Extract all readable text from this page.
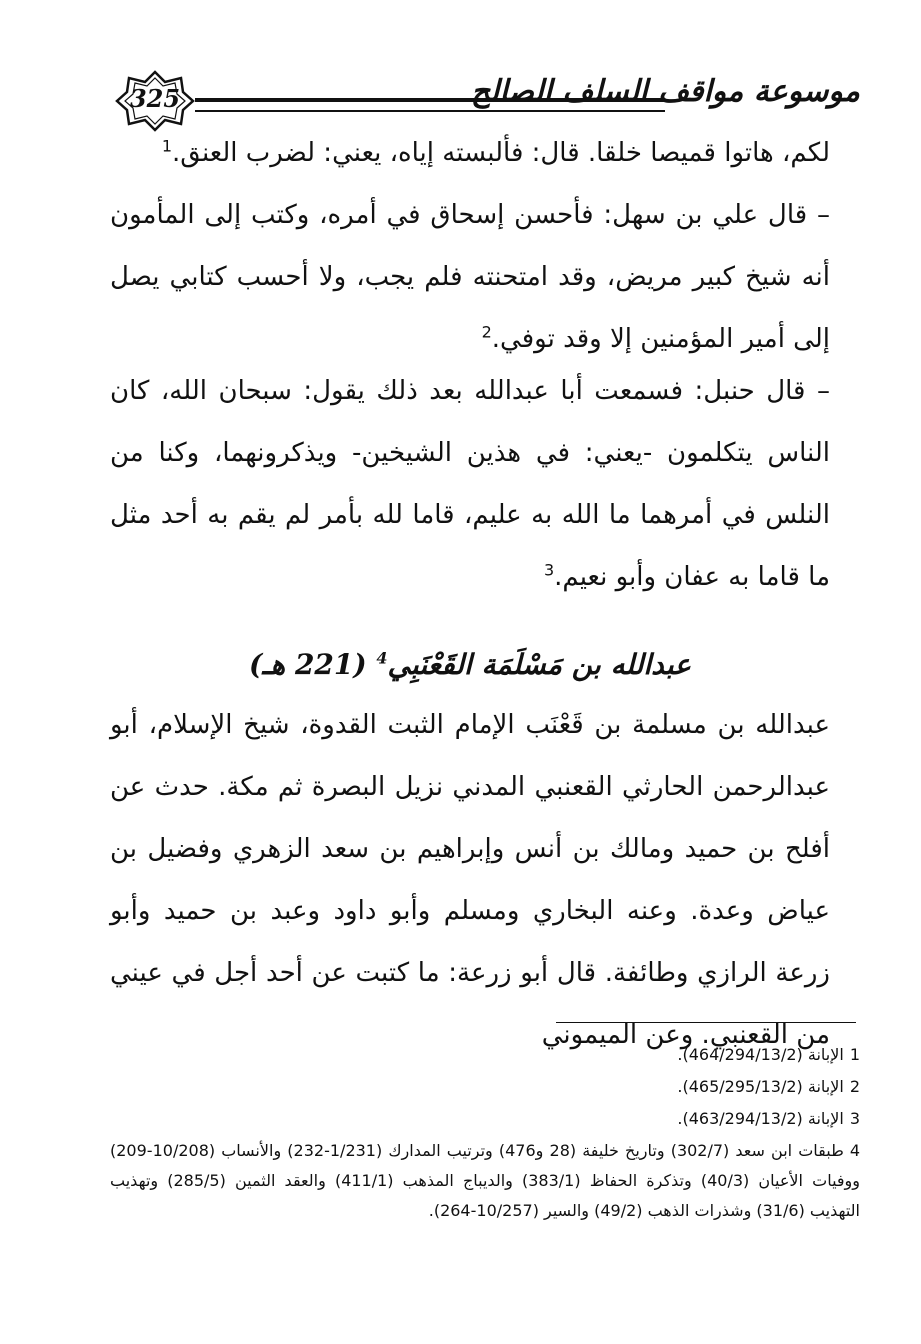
325	موسوعة مواقف السلف الصالح

لكم، هاتوا قميصا خلقا. قال: فألبسته إياه، يعني: لضرب العنق.$^1$

– قال علي بن سهل: فأحسن إسحاق في أمره، وكتب إلى المأمون أنه شيخ كبير مريض، وقد امتحنته فلم يجب، ولا أحسب كتابي يصل إلى أمير المؤمنين إلا وقد توفي.$^2$

– قال حنبل: فسمعت أبا عبدالله بعد ذلك يقول: سبحان الله، كان الناس يتكلمون -يعني: في هذين الشيخين- ويذكرونهما، وكنا من النلس في أمرهما ما الله به عليم، قاما لله بأمر لم يقم به أحد مثل ما قاما به عفان وأبو نعيم.$^3$

عبدالله بن مَسْلَمَة القَعْنَبِي$^4$ (221 هـ)

عبدالله بن مسلمة بن قَعْنَب الإمام الثبت القدوة، شيخ الإسلام، أبو عبدالرحمن الحارثي القعنبي المدني نزيل البصرة ثم مكة. حدث عن أفلح بن حميد ومالك بن أنس وإبراهيم بن سعد الزهري وفضيل بن عياض وعدة. وعنه البخاري ومسلم وأبو داود وعبد بن حميد وأبو زرعة الرازي وطائفة. قال أبو زرعة: ما كتبت عن أحد أجل في عيني من القعنبي. وعن الميموني

1الإبانة (464/294/13/2).

2الإبانة (465/295/13/2).

3الإبانة (463/294/13/2).

4طبقات ابن سعد (302/7) وتاريخ خليفة (28 و476) وترتيب المدارك (1/231-232) والأنساب (10/208-209) ووفيات الأعيان (40/3) وتذكرة الحفاظ (383/1) والديباج المذهب (411/1) والعقد الثمين (285/5) وتهذيب التهذيب (31/6) وشذرات الذهب (49/2) والسير (10/257-264).
